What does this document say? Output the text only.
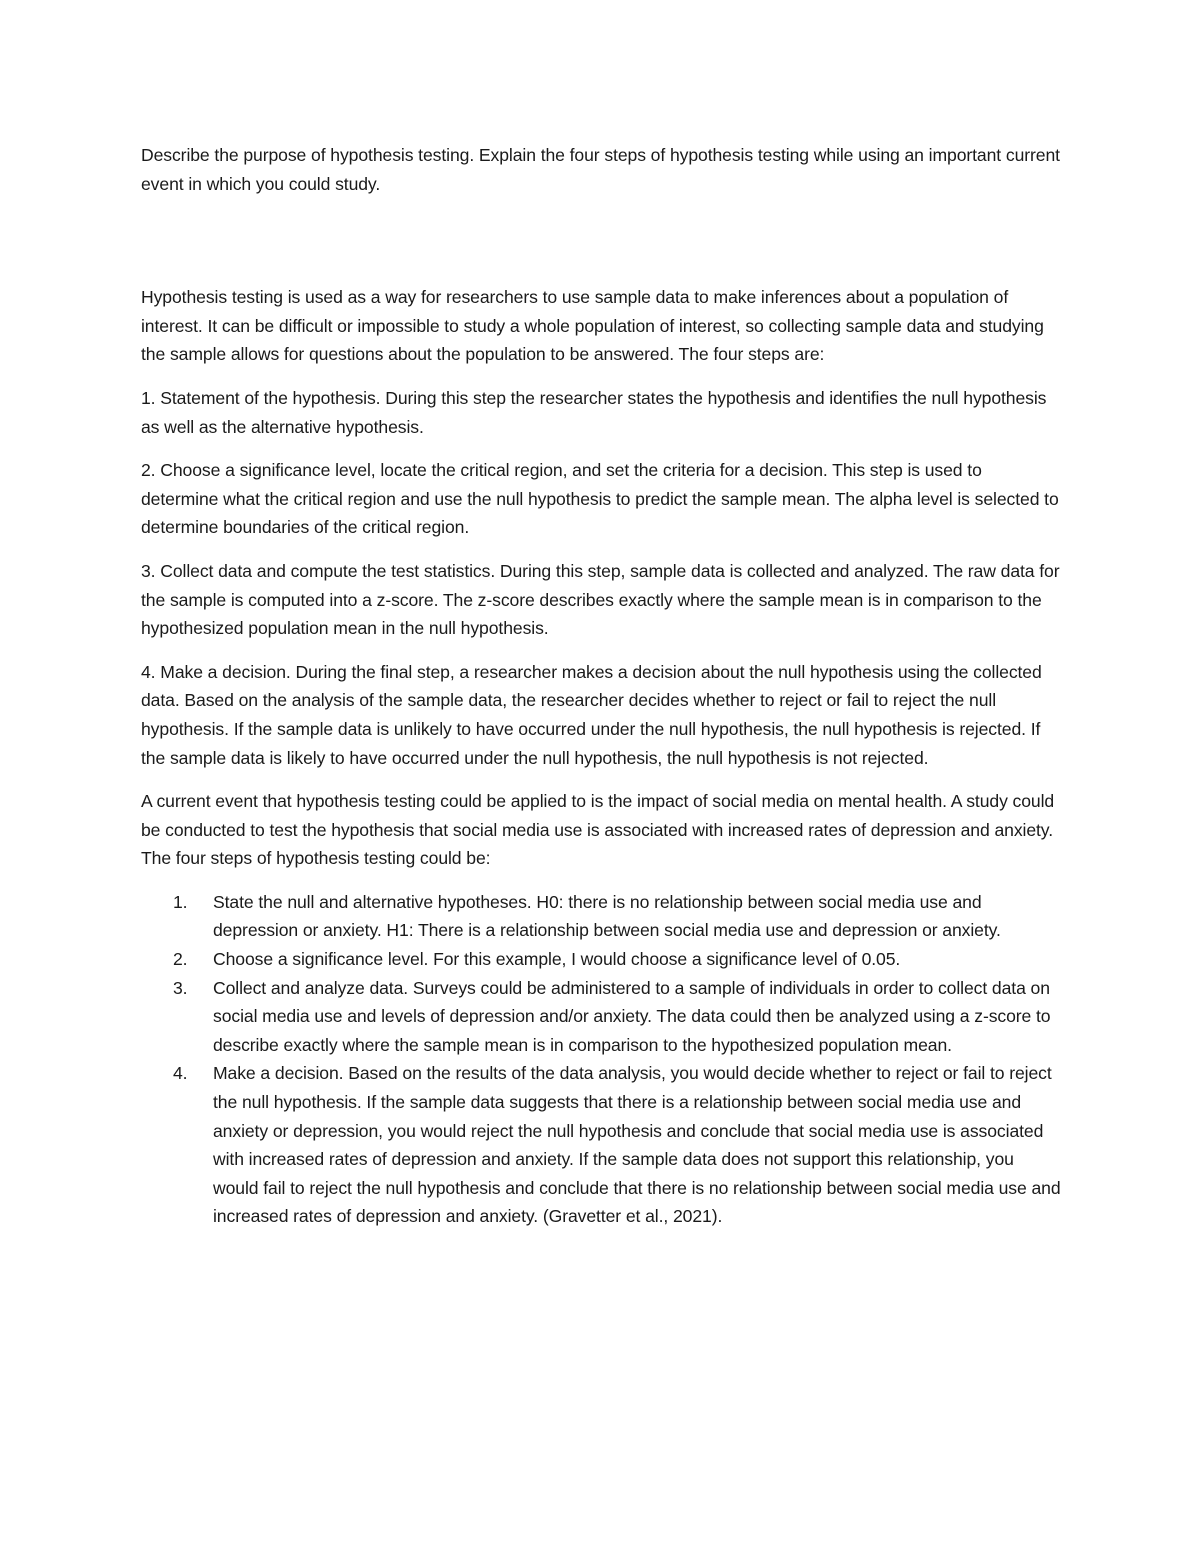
Describe the purpose of hypothesis testing. Explain the four steps of hypothesis testing while using an important current event in which you could study.

Hypothesis testing is used as a way for researchers to use sample data to make inferences about a population of interest. It can be difficult or impossible to study a whole population of interest, so collecting sample data and studying the sample allows for questions about the population to be answered. The four steps are:

1. Statement of the hypothesis. During this step the researcher states the hypothesis and identifies the null hypothesis as well as the alternative hypothesis.

2. Choose a significance level, locate the critical region, and set the criteria for a decision. This step is used to determine what the critical region and use the null hypothesis to predict the sample mean. The alpha level is selected to determine boundaries of the critical region.

3. Collect data and compute the test statistics. During this step, sample data is collected and analyzed. The raw data for the sample is computed into a z-score. The z-score describes exactly where the sample mean is in comparison to the hypothesized population mean in the null hypothesis.

4. Make a decision. During the final step, a researcher makes a decision about the null hypothesis using the collected data. Based on the analysis of the sample data, the researcher decides whether to reject or fail to reject the null hypothesis. If the sample data is unlikely to have occurred under the null hypothesis, the null hypothesis is rejected. If the sample data is likely to have occurred under the null hypothesis, the null hypothesis is not rejected.

A current event that hypothesis testing could be applied to is the impact of social media on mental health. A study could be conducted to test the hypothesis that social media use is associated with increased rates of depression and anxiety. The four steps of hypothesis testing could be:

1. State the null and alternative hypotheses. H0: there is no relationship between social media use and depression or anxiety. H1: There is a relationship between social media use and depression or anxiety.
2. Choose a significance level. For this example, I would choose a significance level of 0.05.
3. Collect and analyze data. Surveys could be administered to a sample of individuals in order to collect data on social media use and levels of depression and/or anxiety. The data could then be analyzed using a z-score to describe exactly where the sample mean is in comparison to the hypothesized population mean.
4. Make a decision. Based on the results of the data analysis, you would decide whether to reject or fail to reject the null hypothesis. If the sample data suggests that there is a relationship between social media use and anxiety or depression, you would reject the null hypothesis and conclude that social media use is associated with increased rates of depression and anxiety. If the sample data does not support this relationship, you would fail to reject the null hypothesis and conclude that there is no relationship between social media use and increased rates of depression and anxiety. (Gravetter et al., 2021).
